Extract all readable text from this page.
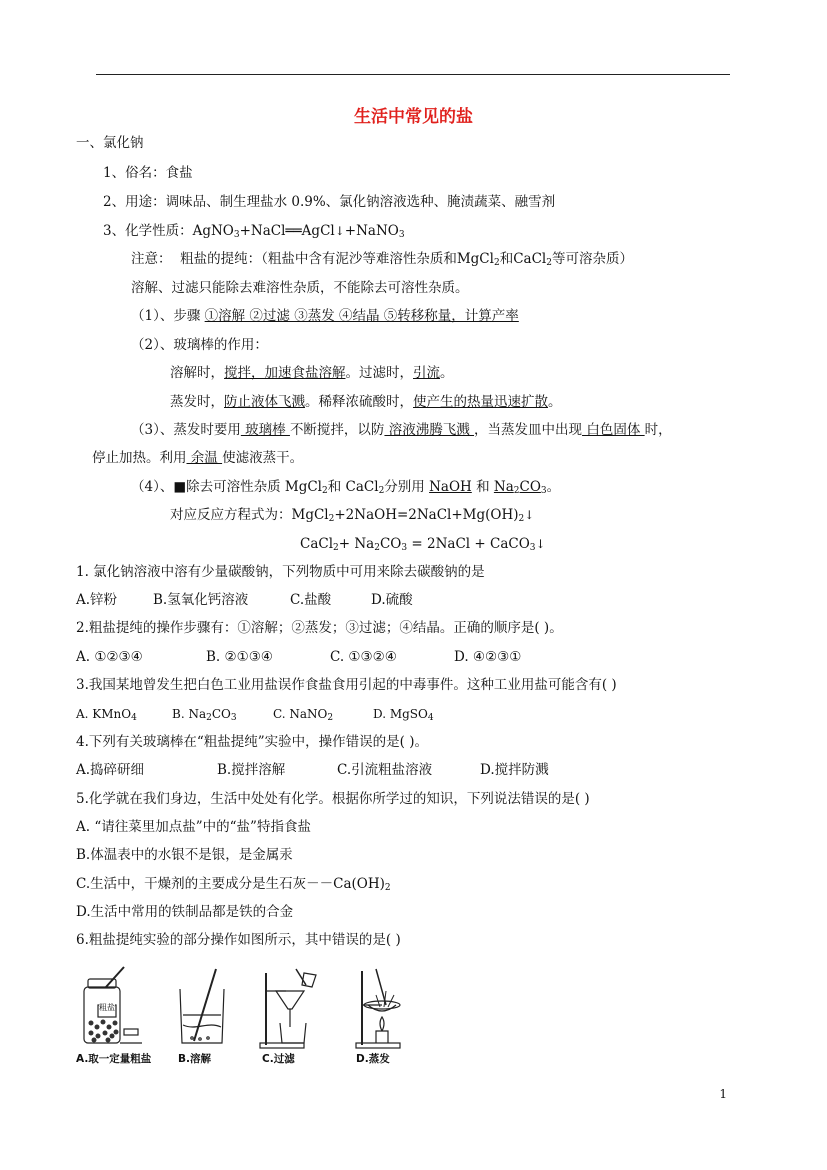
生活中常见的盐
一、氯化钠
1、俗名：食盐
2、用途：调味品、制生理盐水 0.9%、氯化钠溶液选种、腌渍蔬菜、融雪剂
3、化学性质：AgNO$_3$+NaCl══AgCl↓+NaNO$_3$
注意： 粗盐的提纯：（粗盐中含有泥沙等难溶性杂质和MgCl$_2$和CaCl$_2$等可溶杂质）
溶解、过滤只能除去难溶性杂质，不能除去可溶性杂质。
（1）、步骤 ①溶解 ②过滤 ③蒸发 ④结晶 ⑤转移称量，计算产率
（2）、玻璃棒的作用：
溶解时，搅拌，加速食盐溶解。过滤时，引流。
蒸发时，防止液体飞溅。稀释浓硫酸时，使产生的热量迅速扩散。
（3）、蒸发时要用 玻璃棒 不断搅拌，以防 溶液沸腾飞溅 ，当蒸发皿中出现 白色固体 时，
停止加热。利用 余温 使滤液蒸干。
（4）、■除去可溶性杂质 MgCl$_2$和 CaCl$_2$分别用 NaOH 和 $Na_2CO_3$。
对应反应方程式为：$MgCl_2+2NaOH=2NaCl+Mg(OH)_2↓$
CaCl$_2$+ $Na_2CO_3$ = 2NaCl + CaCO$_3$↓
1. 氯化钠溶液中溶有少量碳酸钠，下列物质中可用来除去碳酸钠的是
A.锌粉	B.氢氧化钙溶液	C.盐酸	D.硫酸
2.粗盐提纯的操作步骤有：①溶解；②蒸发；③过滤；④结晶。正确的顺序是( )。
A. ①②③④	B. ②①③④	C. ①③②④	D. ④②③①
3.我国某地曾发生把白色工业用盐误作食盐食用引起的中毒事件。这种工业用盐可能含有( )
A. KMnO$_4$	B. $Na_2CO_3$	C. NaNO$_2$	D. MgSO$_4$
4.下列有关玻璃棒在“粗盐提纯”实验中，操作错误的是( )。
A.捣碎研细	B.搅拌溶解	C.引流粗盐溶液	D.搅拌防溅
5.化学就在我们身边，生活中处处有化学。根据你所学过的知识，下列说法错误的是( )
A. “请往菜里加点盐”中的“盐”特指食盐
B.体温表中的水银不是银，是金属汞
C.生活中，干燥剂的主要成分是生石灰$--Ca(OH)_2$
D.生活中常用的铁制品都是铁的合金
6.粗盐提纯实验的部分操作如图所示，其中错误的是( )
粗盐
A.取一定量粗盐	B.溶解	C.过滤	D.蒸发
1
